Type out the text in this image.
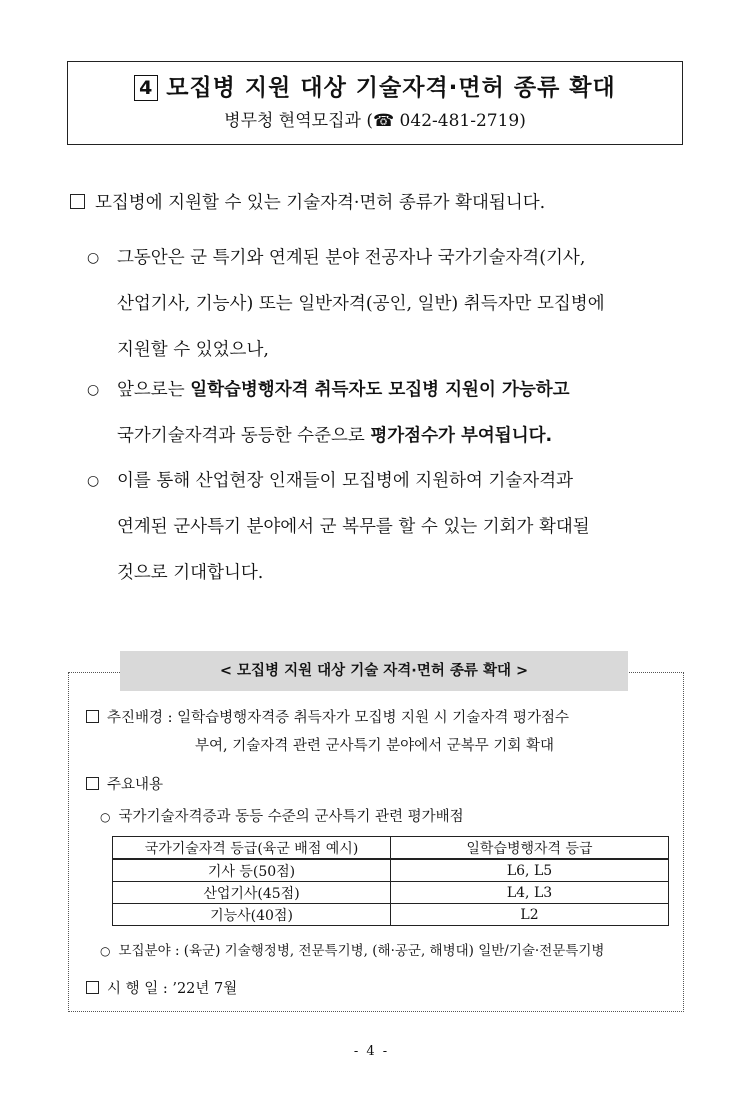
4 모집병 지원 대상 기술자격·면허 종류 확대
병무청 현역모집과 (☎ 042-481-2719)
모집병에 지원할 수 있는 기술자격·면허 종류가 확대됩니다.
○	그동안은 군 특기와 연계된 분야 전공자나 국가기술자격(기사,
산업기사, 기능사) 또는 일반자격(공인, 일반) 취득자만 모집병에
지원할 수 있었으나,
○	앞으로는 일학습병행자격 취득자도 모집병 지원이 가능하고
국가기술자격과 동등한 수준으로 평가점수가 부여됩니다.
○	이를 통해 산업현장 인재들이 모집병에 지원하여 기술자격과
연계된 군사특기 분야에서 군 복무를 할 수 있는 기회가 확대될
것으로 기대합니다.
< 모집병 지원 대상 기술 자격·면허 종류 확대 >
추진배경 : 일학습병행자격증 취득자가 모집병 지원 시 기술자격 평가점수
부여, 기술자격 관련 군사특기 분야에서 군복무 기회 확대
주요내용
○ 국가기술자격증과 동등 수준의 군사특기 관련 평가배점
국가기술자격 등급(육군 배점 예시)	일학습병행자격 등급
기사 등(50점)	L6, L5
산업기사(45점)	L4, L3
기능사(40점)	L2
○ 모집분야 : (육군) 기술행정병, 전문특기병, (해·공군, 해병대) 일반/기술·전문특기병
시 행 일 : ’22년 7월
- 4 -
